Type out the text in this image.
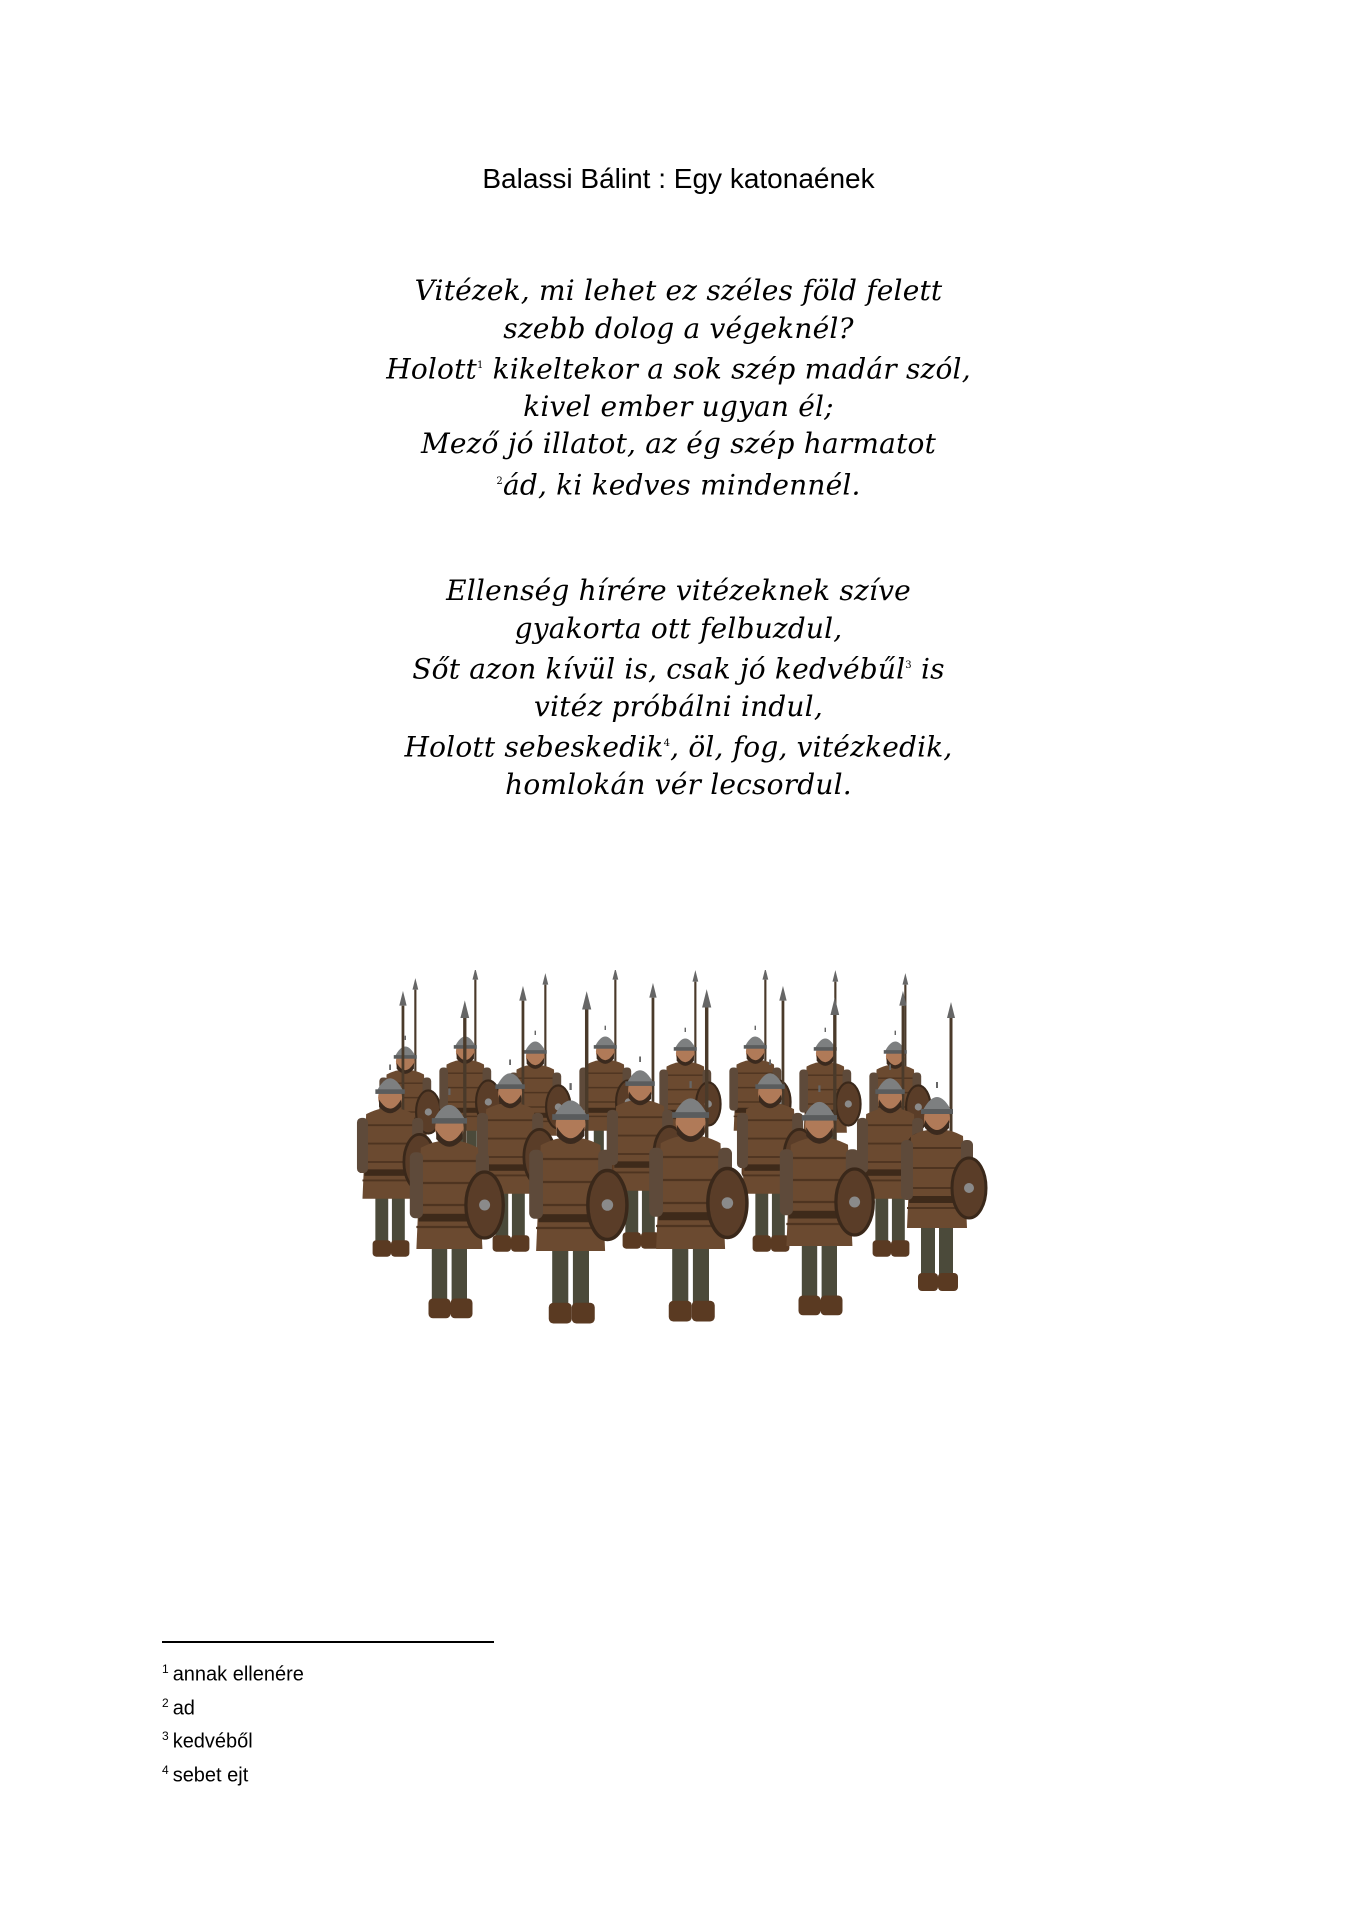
Balassi Bálint : Egy katonaének
Vitézek, mi lehet ez széles föld felett
szebb dolog a végeknél?
Holott$^1$ kikeltekor a sok szép madár szól,
kivel ember ugyan él;
Mező jó illatot, az ég szép harmatot
$^2$ád, ki kedves mindennél.
Ellenség hírére vitézeknek szíve
gyakorta ott felbuzdul,
Sőt azon kívül is, csak jó kedvébűl$^3$ is
vitéz próbálni indul,
Holott sebeskedik$^4$, öl, fog, vitézkedik,
homlokán vér lecsordul.
$^1$ annak ellenére
$^2$ ad
$^3$ kedvéből
$^4$ sebet ejt
